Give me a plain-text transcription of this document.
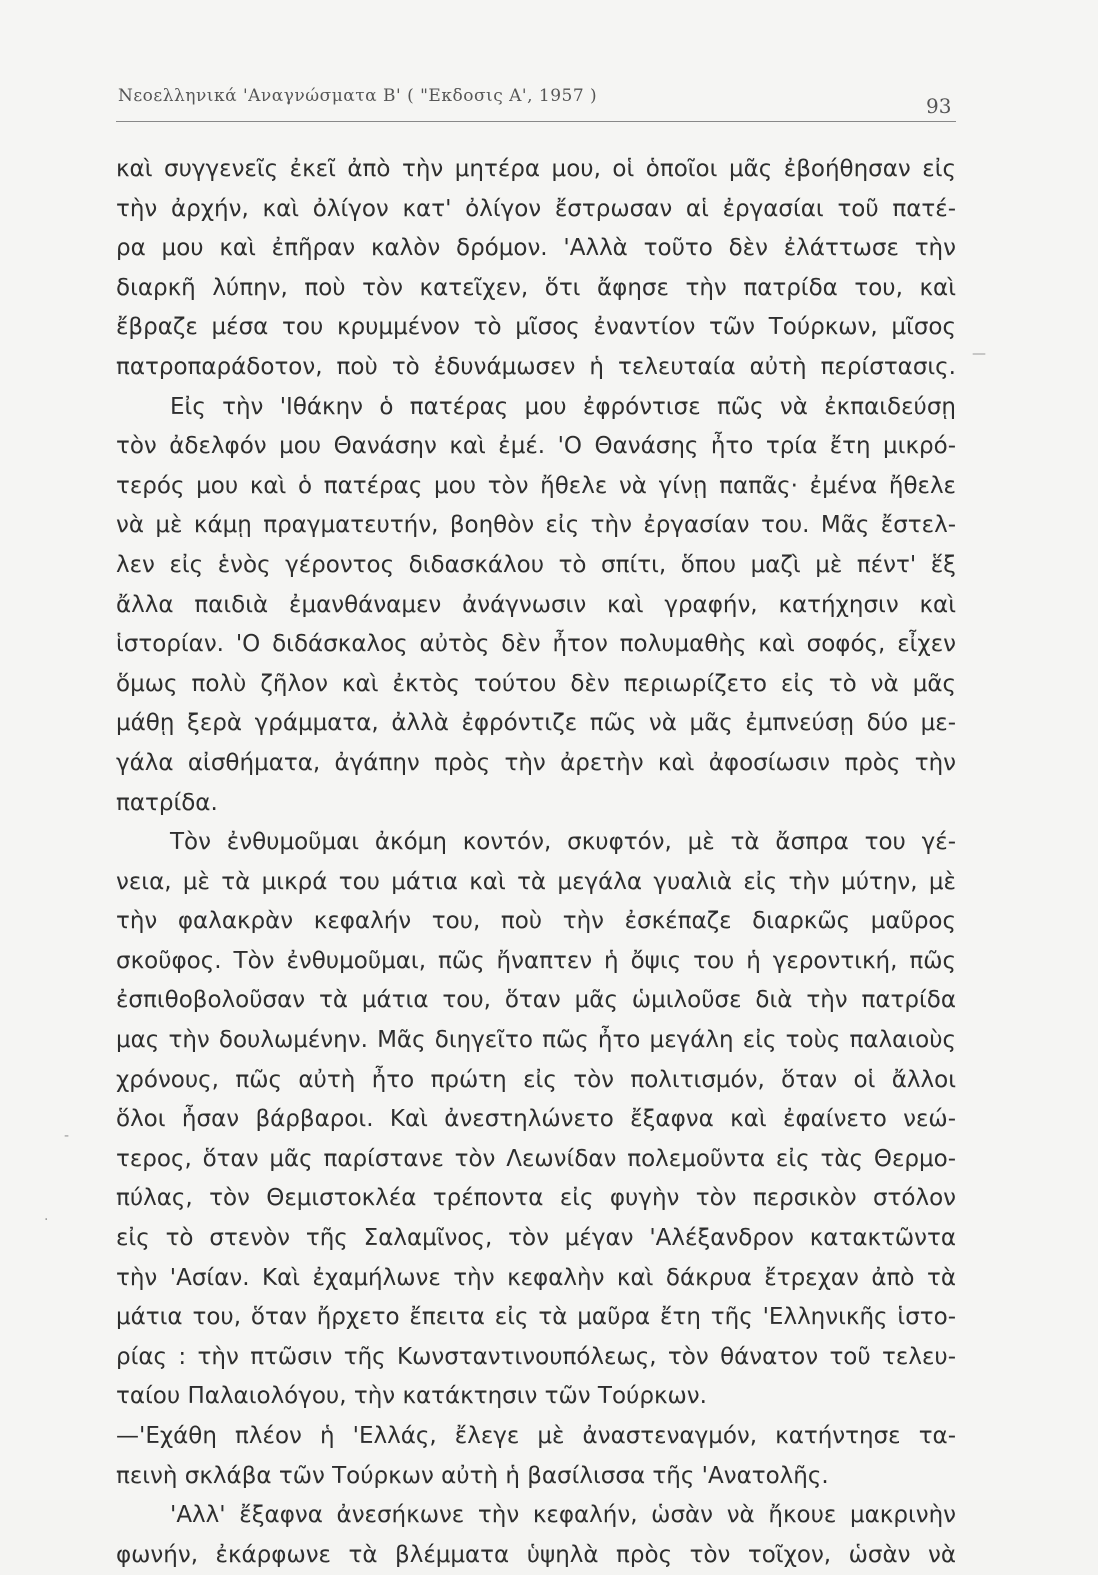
Νεοελληνικά 'Αναγνώσματα Β' ( "Εκδοσις Α', 1957 )	93
καὶ συγγενεῖς ἐκεῖ ἀπὸ τὴν μητέρα μου, οἱ ὁποῖοι μᾶς ἐβοήθησαν εἰς
τὴν ἀρχήν, καὶ ὀλίγον κατ' ὀλίγον ἔστρωσαν αἱ ἐργασίαι τοῦ πατέ-
ρα μου καὶ ἐπῆραν καλὸν δρόμον. 'Αλλὰ τοῦτο δὲν ἐλάττωσε τὴν
διαρκῆ λύπην, ποὺ τὸν κατεῖχεν, ὅτι ἄφησε τὴν πατρίδα του, καὶ
ἔβραζε μέσα του κρυμμένον τὸ μῖσος ἐναντίον τῶν Τούρκων, μῖσος
πατροπαράδοτον, ποὺ τὸ ἐδυνάμωσεν ἡ τελευταία αὐτὴ περίστασις.
Εἰς τὴν 'Ιθάκην ὁ πατέρας μου ἐφρόντισε πῶς νὰ ἐκπαιδεύσῃ
τὸν ἀδελφόν μου Θανάσην καὶ ἐμέ. 'Ο Θανάσης ἦτο τρία ἔτη μικρό-
τερός μου καὶ ὁ πατέρας μου τὸν ἤθελε νὰ γίνῃ παπᾶς· ἐμένα ἤθελε
νὰ μὲ κάμῃ πραγματευτήν, βοηθὸν εἰς τὴν ἐργασίαν του. Μᾶς ἔστελ-
λεν εἰς ἑνὸς γέροντος διδασκάλου τὸ σπίτι, ὅπου μαζὶ μὲ πέντ' ἕξ
ἄλλα παιδιὰ ἐμανθάναμεν ἀνάγνωσιν καὶ γραφήν, κατήχησιν καὶ
ἱστορίαν. 'Ο διδάσκαλος αὐτὸς δὲν ἦτον πολυμαθὴς καὶ σοφός, εἶχεν
ὅμως πολὺ ζῆλον καὶ ἐκτὸς τούτου δὲν περιωρίζετο εἰς τὸ νὰ μᾶς
μάθῃ ξερὰ γράμματα, ἀλλὰ ἐφρόντιζε πῶς νὰ μᾶς ἐμπνεύσῃ δύο με-
γάλα αἰσθήματα, ἀγάπην πρὸς τὴν ἀρετὴν καὶ ἀφοσίωσιν πρὸς τὴν
πατρίδα.
Τὸν ἐνθυμοῦμαι ἀκόμη κοντόν, σκυφτόν, μὲ τὰ ἄσπρα του γέ-
νεια, μὲ τὰ μικρά του μάτια καὶ τὰ μεγάλα γυαλιὰ εἰς τὴν μύτην, μὲ
τὴν φαλακρὰν κεφαλήν του, ποὺ τὴν ἐσκέπαζε διαρκῶς μαῦρος
σκοῦφος. Τὸν ἐνθυμοῦμαι, πῶς ἤναπτεν ἡ ὄψις του ἡ γεροντική, πῶς
ἐσπιθοβολοῦσαν τὰ μάτια του, ὅταν μᾶς ὡμιλοῦσε διὰ τὴν πατρίδα
μας τὴν δουλωμένην. Μᾶς διηγεῖτο πῶς ἦτο μεγάλη εἰς τοὺς παλαιοὺς
χρόνους, πῶς αὐτὴ ἦτο πρώτη εἰς τὸν πολιτισμόν, ὅταν οἱ ἄλλοι
ὅλοι ἦσαν βάρβαροι. Καὶ ἀνεστηλώνετο ἔξαφνα καὶ ἐφαίνετο νεώ-
τερος, ὅταν μᾶς παρίστανε τὸν Λεωνίδαν πολεμοῦντα εἰς τὰς Θερμο-
πύλας, τὸν Θεμιστοκλέα τρέποντα εἰς φυγὴν τὸν περσικὸν στόλον
εἰς τὸ στενὸν τῆς Σαλαμῖνος, τὸν μέγαν 'Αλέξανδρον κατακτῶντα
τὴν 'Ασίαν. Καὶ ἐχαμήλωνε τὴν κεφαλὴν καὶ δάκρυα ἔτρεχαν ἀπὸ τὰ
μάτια του, ὅταν ἤρχετο ἔπειτα εἰς τὰ μαῦρα ἔτη τῆς 'Ελληνικῆς ἱστο-
ρίας : τὴν πτῶσιν τῆς Κωνσταντινουπόλεως, τὸν θάνατον τοῦ τελευ-
ταίου Παλαιολόγου, τὴν κατάκτησιν τῶν Τούρκων.
—'Εχάθη πλέον ἡ 'Ελλάς, ἔλεγε μὲ ἀναστεναγμόν, κατήντησε τα-
πεινὴ σκλάβα τῶν Τούρκων αὐτὴ ἡ βασίλισσα τῆς 'Ανατολῆς.
'Αλλ' ἔξαφνα ἀνεσήκωνε τὴν κεφαλήν, ὡσὰν νὰ ἤκουε μακρινὴν
φωνήν, ἐκάρφωνε τὰ βλέμματα ὑψηλὰ πρὸς τὸν τοῖχον, ὡσὰν νὰ
—
-
·
